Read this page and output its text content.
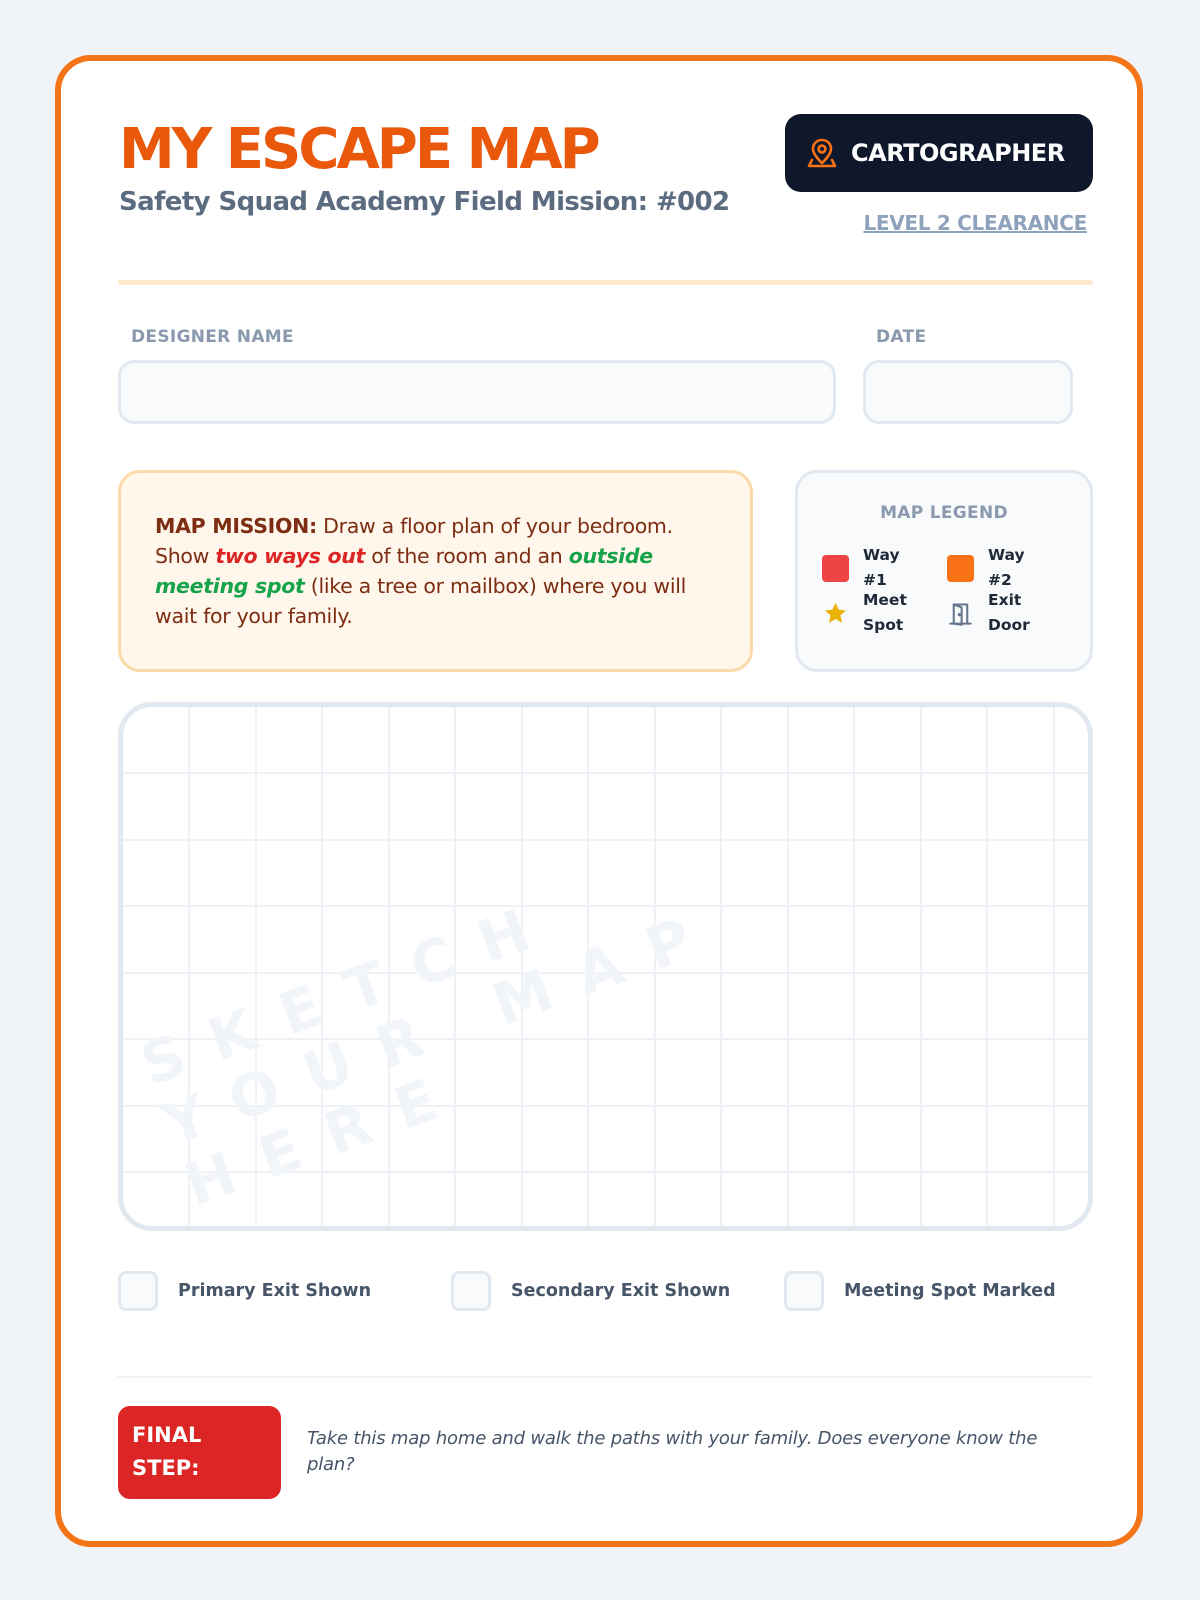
MY ESCAPE MAP
Safety Squad Academy Field Mission: #002
CARTOGRAPHER
LEVEL 2 CLEARANCE
DESIGNER NAME	DATE
MAP MISSION: Draw a floor plan of your bedroom. Show two ways out of the room and an outside meeting spot (like a tree or mailbox) where you will wait for your family.
MAP LEGEND
Way #1
Way #2
Meet Spot
Exit Door
SKETCH YOUR MAP HERE
Primary Exit Shown	Secondary Exit Shown	Meeting Spot Marked
FINAL STEP:
Take this map home and walk the paths with your family. Does everyone know the plan?
